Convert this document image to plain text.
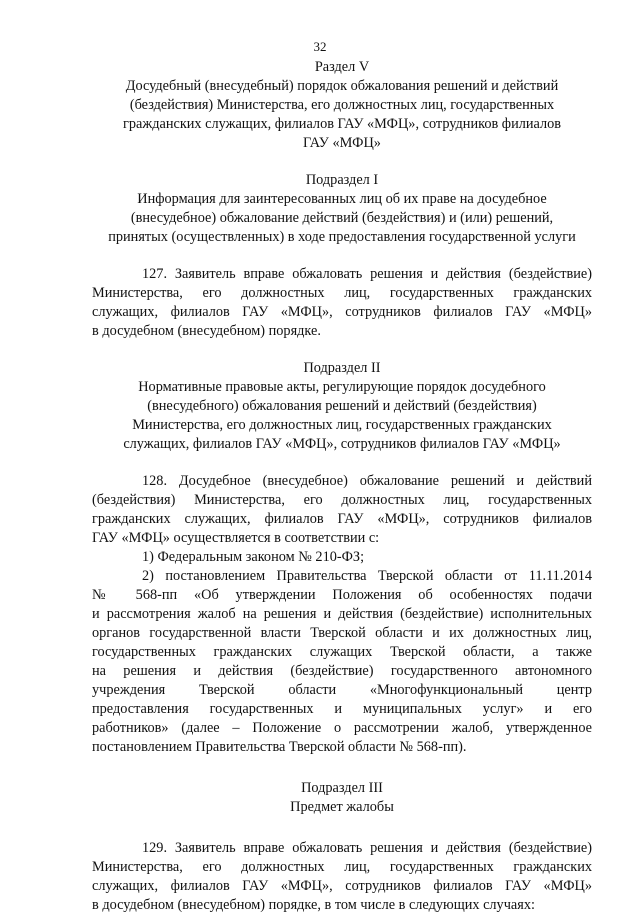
32
Раздел V
Досудебный (внесудебный) порядок обжалования решений и действий
(бездействия) Министерства, его должностных лиц, государственных
гражданских служащих, филиалов ГАУ «МФЦ», сотрудников филиалов
ГАУ «МФЦ»
Подраздел I
Информация для заинтересованных лиц об их праве на досудебное
(внесудебное) обжалование действий (бездействия) и (или) решений,
принятых (осуществленных) в ходе предоставления государственной услуги
127. Заявитель вправе обжаловать решения и действия (бездействие)
Министерства, его должностных лиц, государственных гражданских
служащих, филиалов ГАУ «МФЦ», сотрудников филиалов ГАУ «МФЦ»
в досудебном (внесудебном) порядке.
Подраздел II
Нормативные правовые акты, регулирующие порядок досудебного
(внесудебного) обжалования решений и действий (бездействия)
Министерства, его должностных лиц, государственных гражданских
служащих, филиалов ГАУ «МФЦ», сотрудников филиалов ГАУ «МФЦ»
128. Досудебное (внесудебное) обжалование решений и действий
(бездействия) Министерства, его должностных лиц, государственных
гражданских служащих, филиалов ГАУ «МФЦ», сотрудников филиалов
ГАУ «МФЦ» осуществляется в соответствии с:
1) Федеральным законом № 210-ФЗ;
2) постановлением Правительства Тверской области от 11.11.2014
№ 568-пп «Об утверждении Положения об особенностях подачи
и рассмотрения жалоб на решения и действия (бездействие) исполнительных
органов государственной власти Тверской области и их должностных лиц,
государственных гражданских служащих Тверской области, а также
на решения и действия (бездействие) государственного автономного
учреждения Тверской области «Многофункциональный центр
предоставления государственных и муниципальных услуг» и его
работников» (далее – Положение о рассмотрении жалоб, утвержденное
постановлением Правительства Тверской области № 568-пп).
Подраздел III
Предмет жалобы
129. Заявитель вправе обжаловать решения и действия (бездействие)
Министерства, его должностных лиц, государственных гражданских
служащих, филиалов ГАУ «МФЦ», сотрудников филиалов ГАУ «МФЦ»
в досудебном (внесудебном) порядке, в том числе в следующих случаях:
